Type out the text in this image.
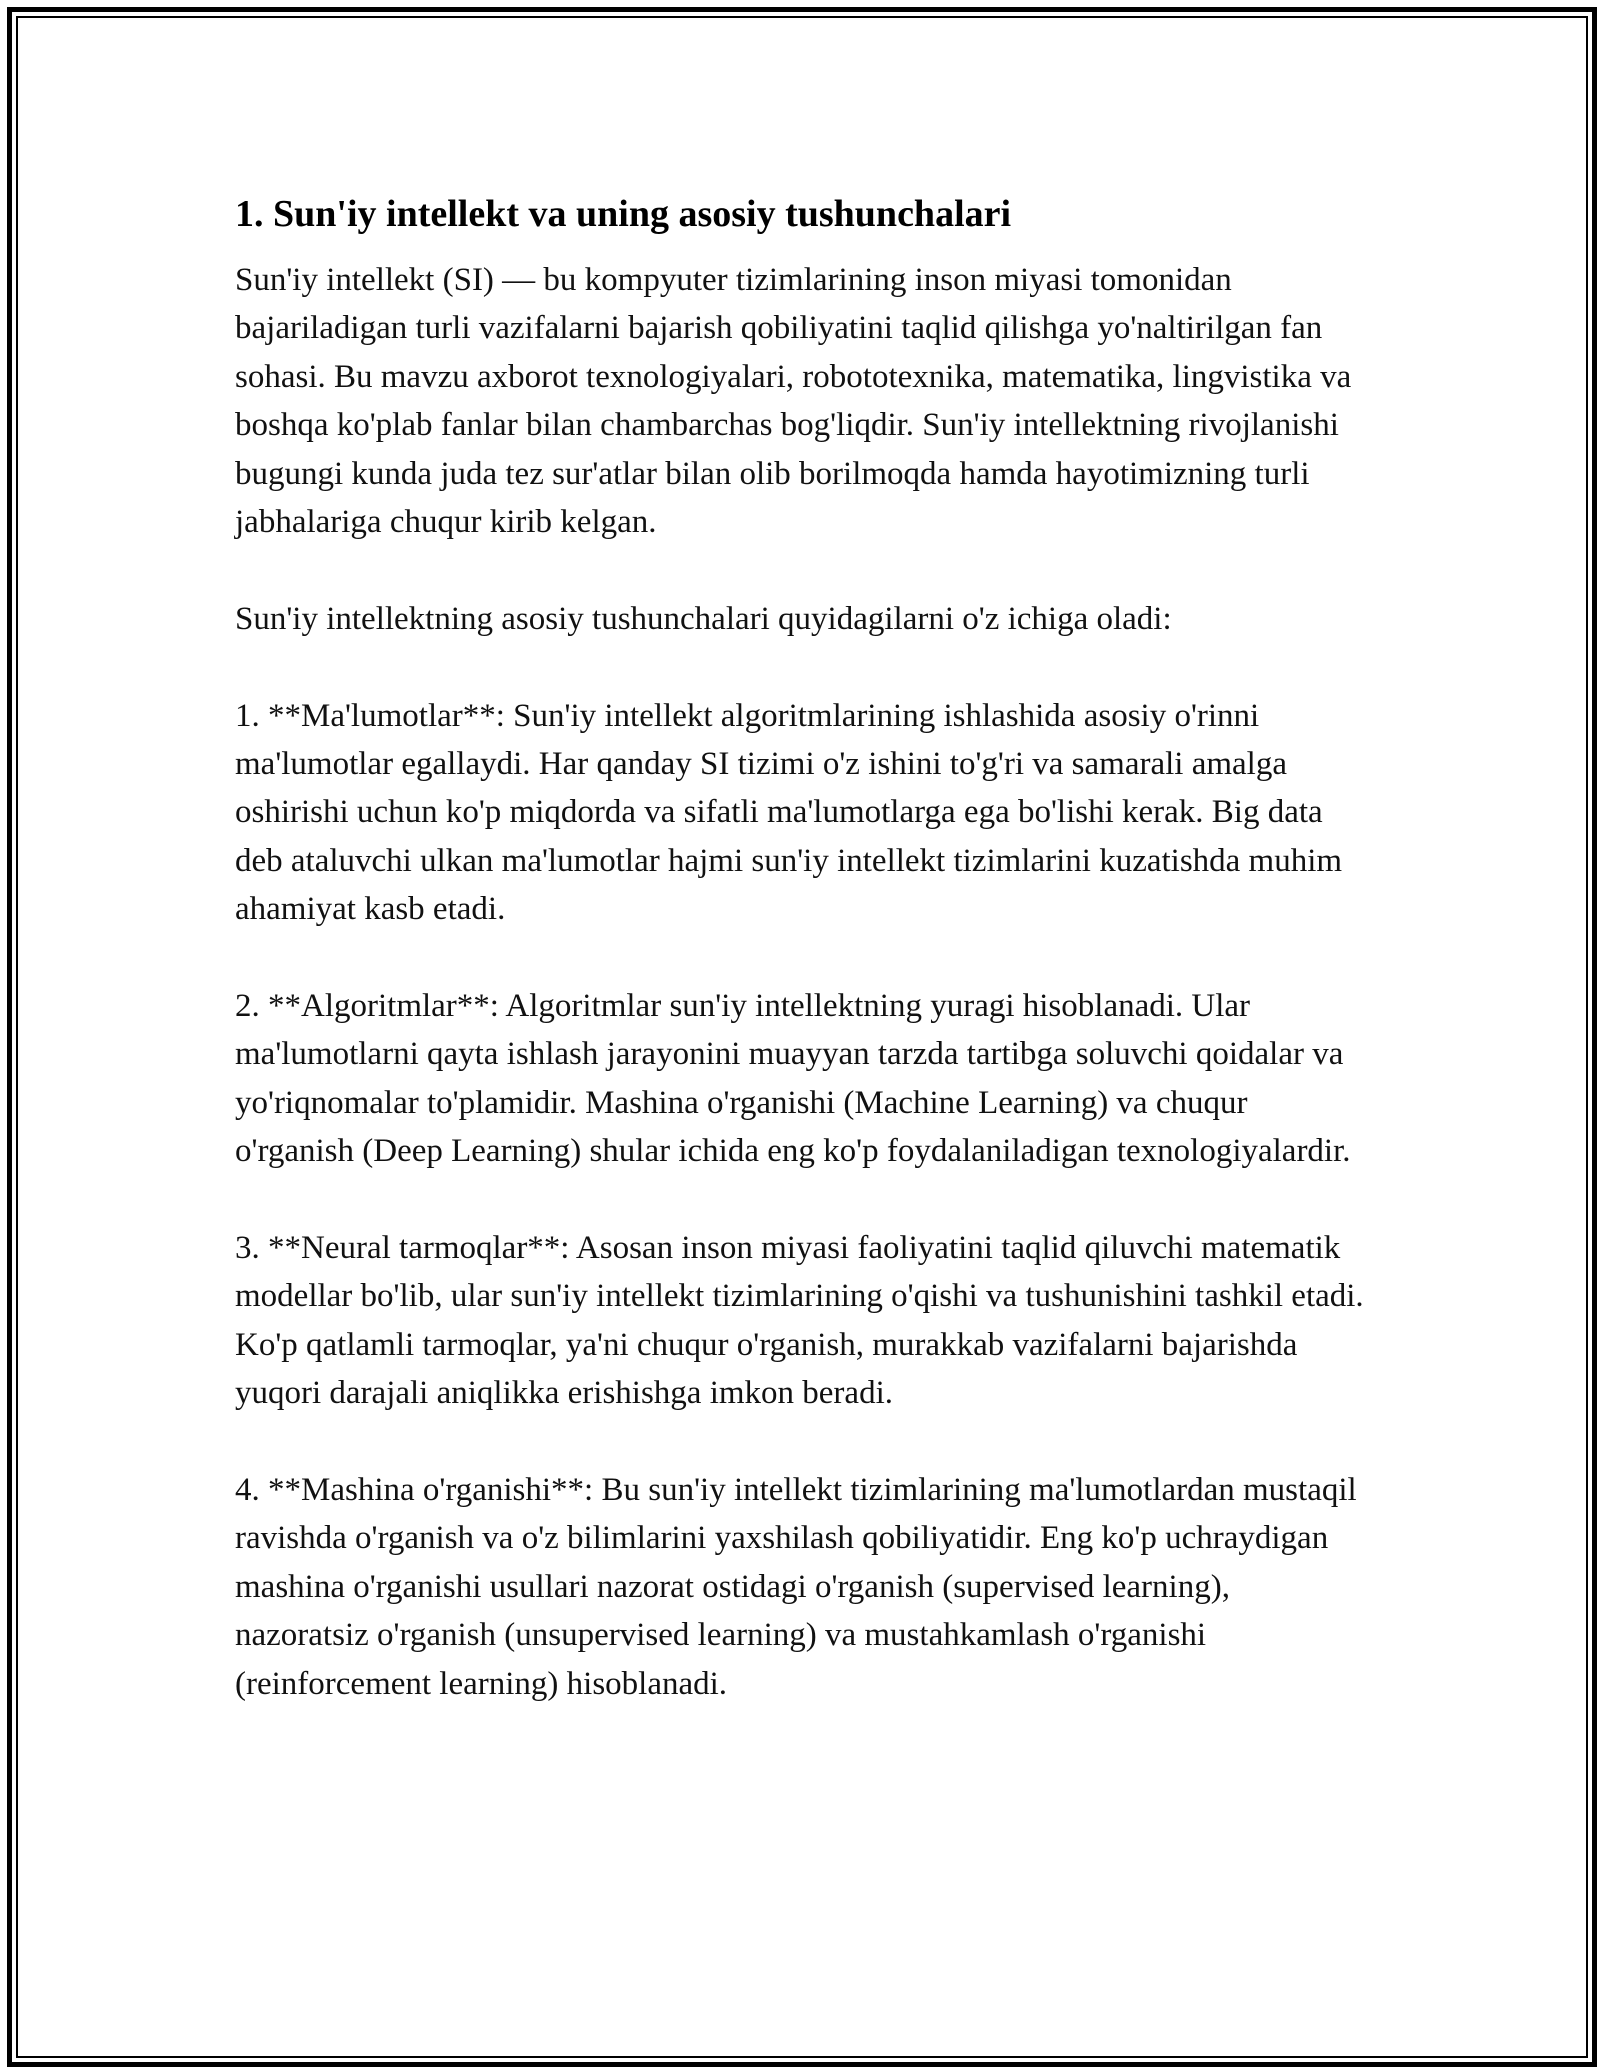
1. Sun'iy intellekt va uning asosiy tushunchalari

Sun'iy intellekt (SI) — bu kompyuter tizimlarining inson miyasi tomonidan bajariladigan turli vazifalarni bajarish qobiliyatini taqlid qilishga yo'naltirilgan fan sohasi. Bu mavzu axborot texnologiyalari, robototexnika, matematika, lingvistika va boshqa ko'plab fanlar bilan chambarchas bog'liqdir. Sun'iy intellektning rivojlanishi bugungi kunda juda tez sur'atlar bilan olib borilmoqda hamda hayotimizning turli jabhalariga chuqur kirib kelgan.

Sun'iy intellektning asosiy tushunchalari quyidagilarni o'z ichiga oladi:

1. **Ma'lumotlar**: Sun'iy intellekt algoritmlarining ishlashida asosiy o'rinni ma'lumotlar egallaydi. Har qanday SI tizimi o'z ishini to'g'ri va samarali amalga oshirishi uchun ko'p miqdorda va sifatli ma'lumotlarga ega bo'lishi kerak. Big data deb ataluvchi ulkan ma'lumotlar hajmi sun'iy intellekt tizimlarini kuzatishda muhim ahamiyat kasb etadi.

2. **Algoritmlar**: Algoritmlar sun'iy intellektning yuragi hisoblanadi. Ular ma'lumotlarni qayta ishlash jarayonini muayyan tarzda tartibga soluvchi qoidalar va yo'riqnomalar to'plamidir. Mashina o'rganishi (Machine Learning) va chuqur o'rganish (Deep Learning) shular ichida eng ko'p foydalaniladigan texnologiyalardir.

3. **Neural tarmoqlar**: Asosan inson miyasi faoliyatini taqlid qiluvchi matematik modellar bo'lib, ular sun'iy intellekt tizimlarining o'qishi va tushunishini tashkil etadi. Ko'p qatlamli tarmoqlar, ya'ni chuqur o'rganish, murakkab vazifalarni bajarishda yuqori darajali aniqlikka erishishga imkon beradi.

4. **Mashina o'rganishi**: Bu sun'iy intellekt tizimlarining ma'lumotlardan mustaqil ravishda o'rganish va o'z bilimlarini yaxshilash qobiliyatidir. Eng ko'p uchraydigan mashina o'rganishi usullari nazorat ostidagi o'rganish (supervised learning), nazoratsiz o'rganish (unsupervised learning) va mustahkamlash o'rganishi (reinforcement learning) hisoblanadi.
